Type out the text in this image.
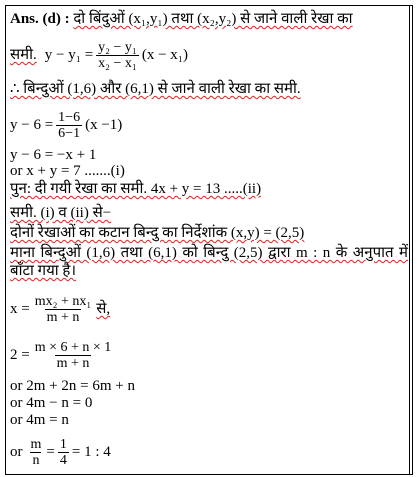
Ans. (d) : दो बिंदुओं (x₁,y₁) तथा (x₂,y₂) से जाने वाली रेखा का
समी. $y - y_1 = \frac{\text{y₂ − y₁}}{\text{x₂ − x₁}} (x - x_1)$
∴ बिन्दुओं (1,6) और (6,1) से जाने वाली रेखा का समी.
$y - 6 = \frac{1-6}{6-1} (x -1)$
y − 6 = −x + 1
or x + y = 7 .......(i)
पुन: दी गयी रेखा का समी. 4x + y = 13 .....(ii)
समी. (i) व (ii) से−
दोनों रेखाओं का कटान बिन्दु का निर्देशांक (x,y) = (2,5)
माना बिन्दुओं (1,6) तथा (6,1) को बिन्दु (2,5) द्वारा m : n के अनुपात में बाँटा गया है।
$x = \frac{\text{mx₂ + nx₁}}{m + n}$ से,
$2 = \frac{m \times 6 + n \times 1}{m + n}$
or 2m + 2n = 6m + n
or 4m − n = 0
or 4m = n
or $\frac{m}{n} = \frac{1}{4} = 1$ : 4
